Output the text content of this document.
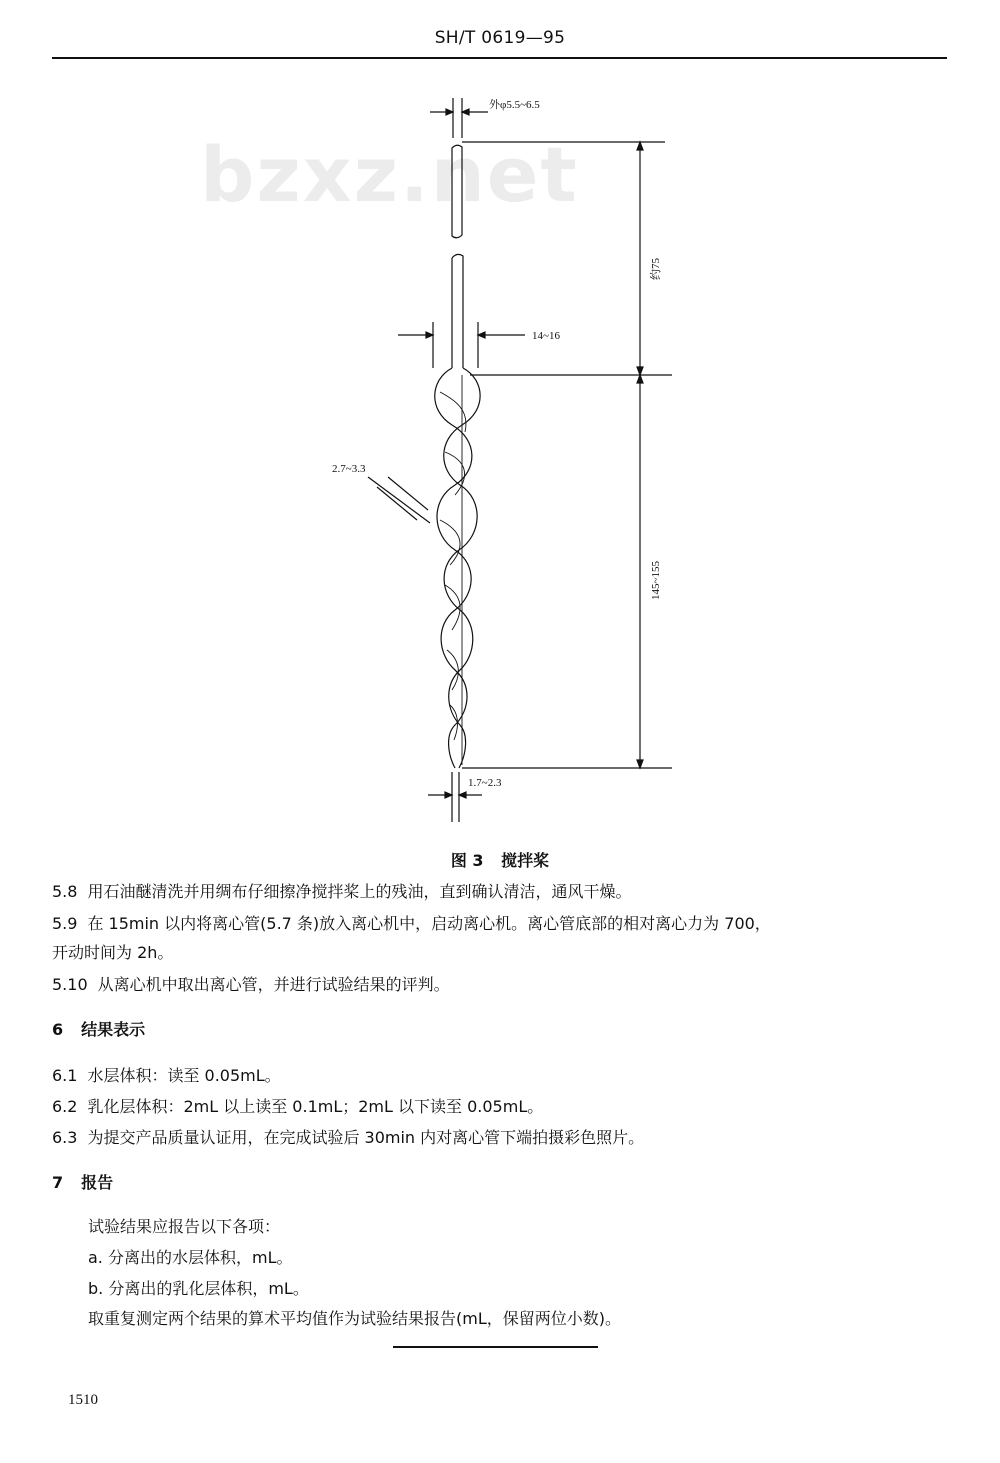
SH/T 0619—95
bzxz.net
外φ5.5~6.5
14~16
2.7~3.3
1.7~2.3
约75
145~155
图 3 搅拌桨
5.8 用石油醚清洗并用绸布仔细擦净搅拌桨上的残油，直到确认清洁，通风干燥。
5.9 在 15min 以内将离心管(5.7 条)放入离心机中，启动离心机。离心管底部的相对离心力为 700，
开动时间为 2h。
5.10 从离心机中取出离心管，并进行试验结果的评判。
6 结果表示
6.1 水层体积：读至 0.05mL。
6.2 乳化层体积：2mL 以上读至 0.1mL；2mL 以下读至 0.05mL。
6.3 为提交产品质量认证用，在完成试验后 30min 内对离心管下端拍摄彩色照片。
7 报告
试验结果应报告以下各项：
a. 分离出的水层体积，mL。
b. 分离出的乳化层体积，mL。
取重复测定两个结果的算术平均值作为试验结果报告(mL，保留两位小数)。
1510
